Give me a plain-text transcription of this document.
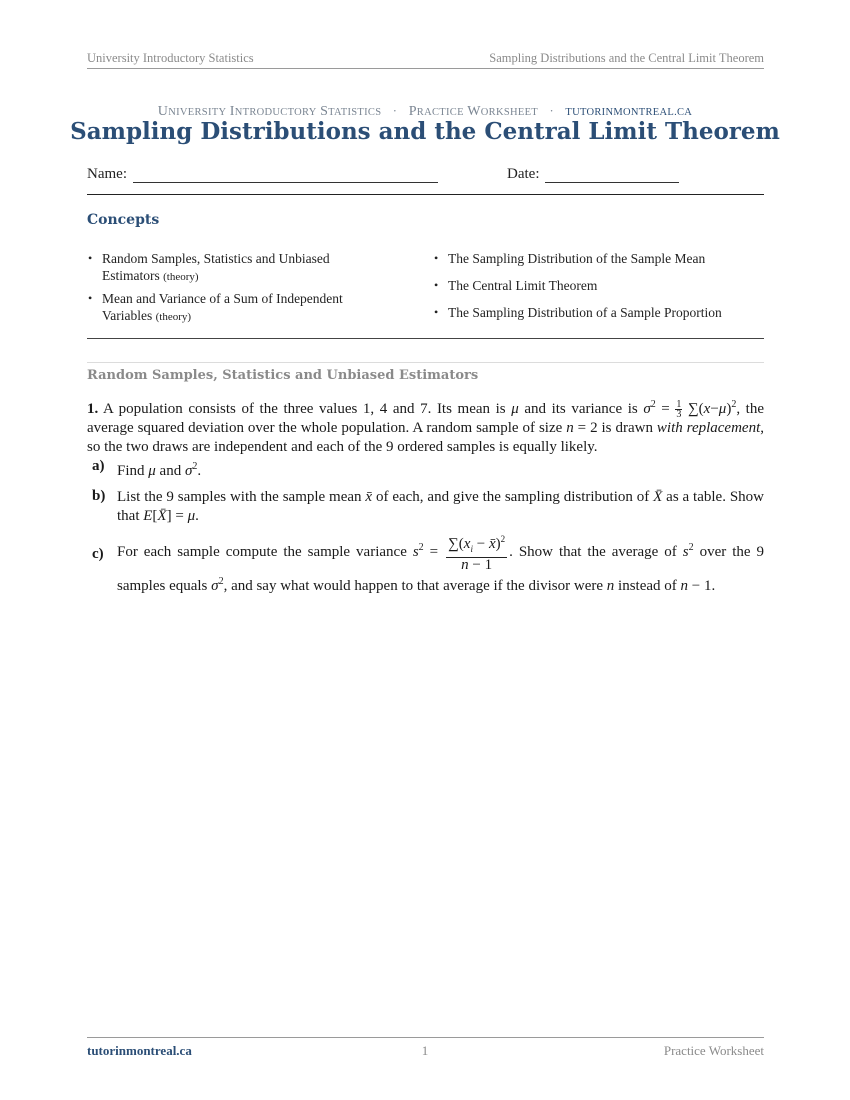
University Introductory Statistics	Sampling Distributions and the Central Limit Theorem
UNIVERSITY INTRODUCTORY STATISTICS · PRACTICE WORKSHEET · TUTORINMONTREAL.CA
Sampling Distributions and the Central Limit Theorem
Name:	Date:
Concepts
• Random Samples, Statistics and Unbiased Estimators (theory)
• Mean and Variance of a Sum of Independent Variables (theory)
• The Sampling Distribution of the Sample Mean
• The Central Limit Theorem
• The Sampling Distribution of a Sample Proportion
Random Samples, Statistics and Unbiased Estimators
1. A population consists of the three values 1, 4 and 7. Its mean is μ and its variance is $\sigma^2 = \frac{1}{3} \sum(x-\mu)^2$, the average squared deviation over the whole population. A random sample of size n = 2 is drawn with replacement, so the two draws are independent and each of the 9 ordered samples is equally likely.
a) Find μ and $\sigma^2$.
b) List the 9 samples with the sample mean x̄ of each, and give the sampling distribution of X̄ as a table. Show that E[X̄] = μ.
c) For each sample compute the sample variance $s^2 = \frac{\sum(x_i - x̄)^2}{n - 1}$ . Show that the average of $s^2$ over the 9 samples equals $\sigma^2$, and say what would happen to that average if the divisor were n instead of n − 1.
tutorinmontreal.ca	1	Practice Worksheet
